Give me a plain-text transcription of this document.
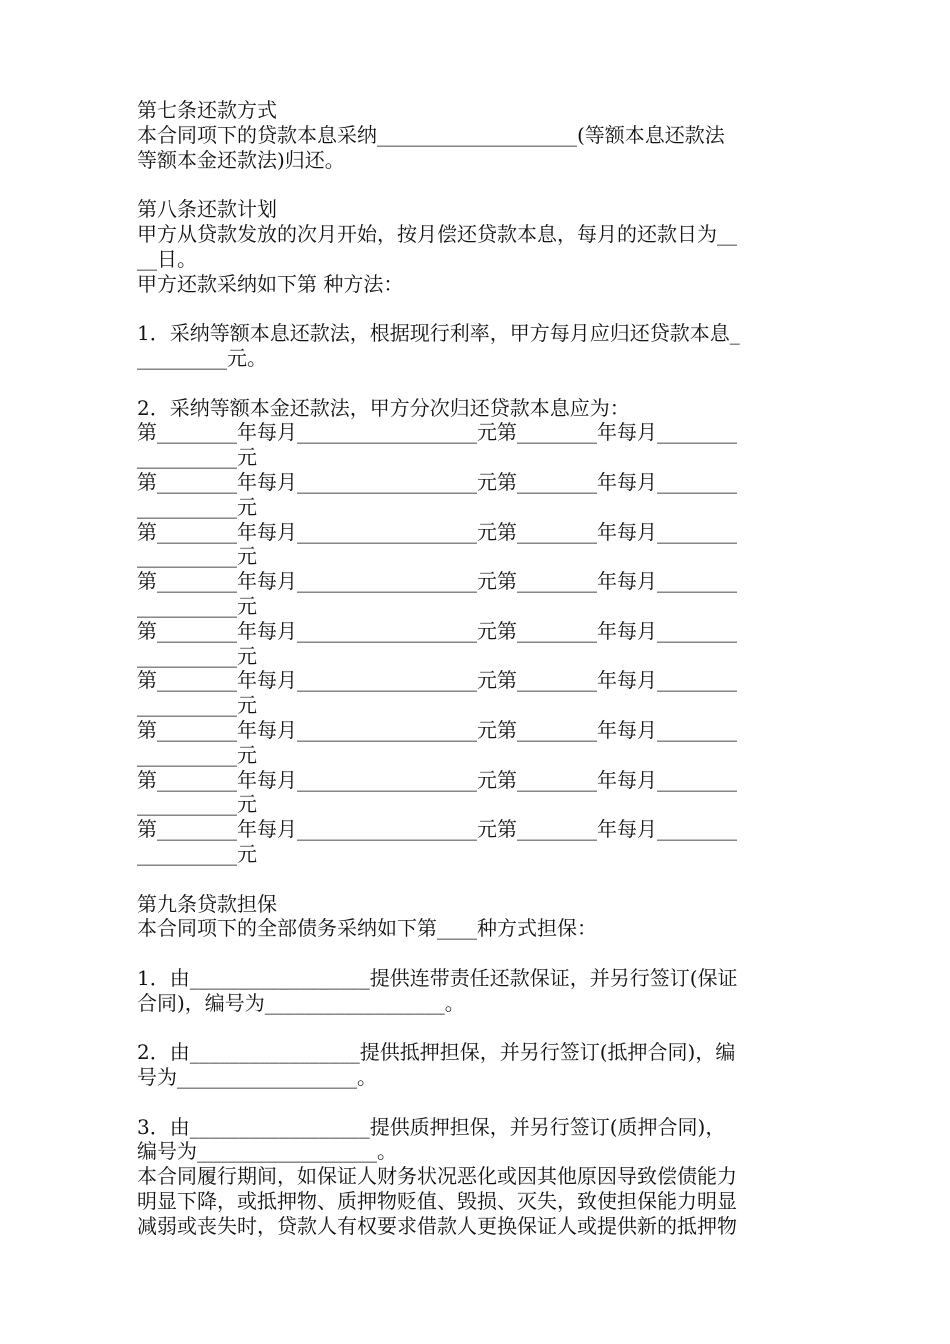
第七条还款方式
本合同项下的贷款本息采纳____________________(等额本息还款法
等额本金还款法)归还。
第八条还款计划
甲方从贷款发放的次月开始，按月偿还贷款本息，每月的还款日为__
__日。
甲方还款采纳如下第 种方法：
1．采纳等额本息还款法，根据现行利率，甲方每月应归还贷款本息_
_________元。
2．采纳等额本金还款法，甲方分次归还贷款本息应为：
第________年每月__________________元第________年每月________
__________元
第________年每月__________________元第________年每月________
__________元
第________年每月__________________元第________年每月________
__________元
第________年每月__________________元第________年每月________
__________元
第________年每月__________________元第________年每月________
__________元
第________年每月__________________元第________年每月________
__________元
第________年每月__________________元第________年每月________
__________元
第________年每月__________________元第________年每月________
__________元
第________年每月__________________元第________年每月________
__________元
第九条贷款担保
本合同项下的全部债务采纳如下第____种方式担保：
1．由__________________提供连带责任还款保证，并另行签订(保证
合同)，编号为__________________。
2．由_________________提供抵押担保，并另行签订(抵押合同)，编
号为__________________。
3．由__________________提供质押担保，并另行签订(质押合同)，
编号为__________________。
本合同履行期间，如保证人财务状况恶化或因其他原因导致偿债能力
明显下降，或抵押物、质押物贬值、毁损、灭失，致使担保能力明显
减弱或丧失时，贷款人有权要求借款人更换保证人或提供新的抵押物
